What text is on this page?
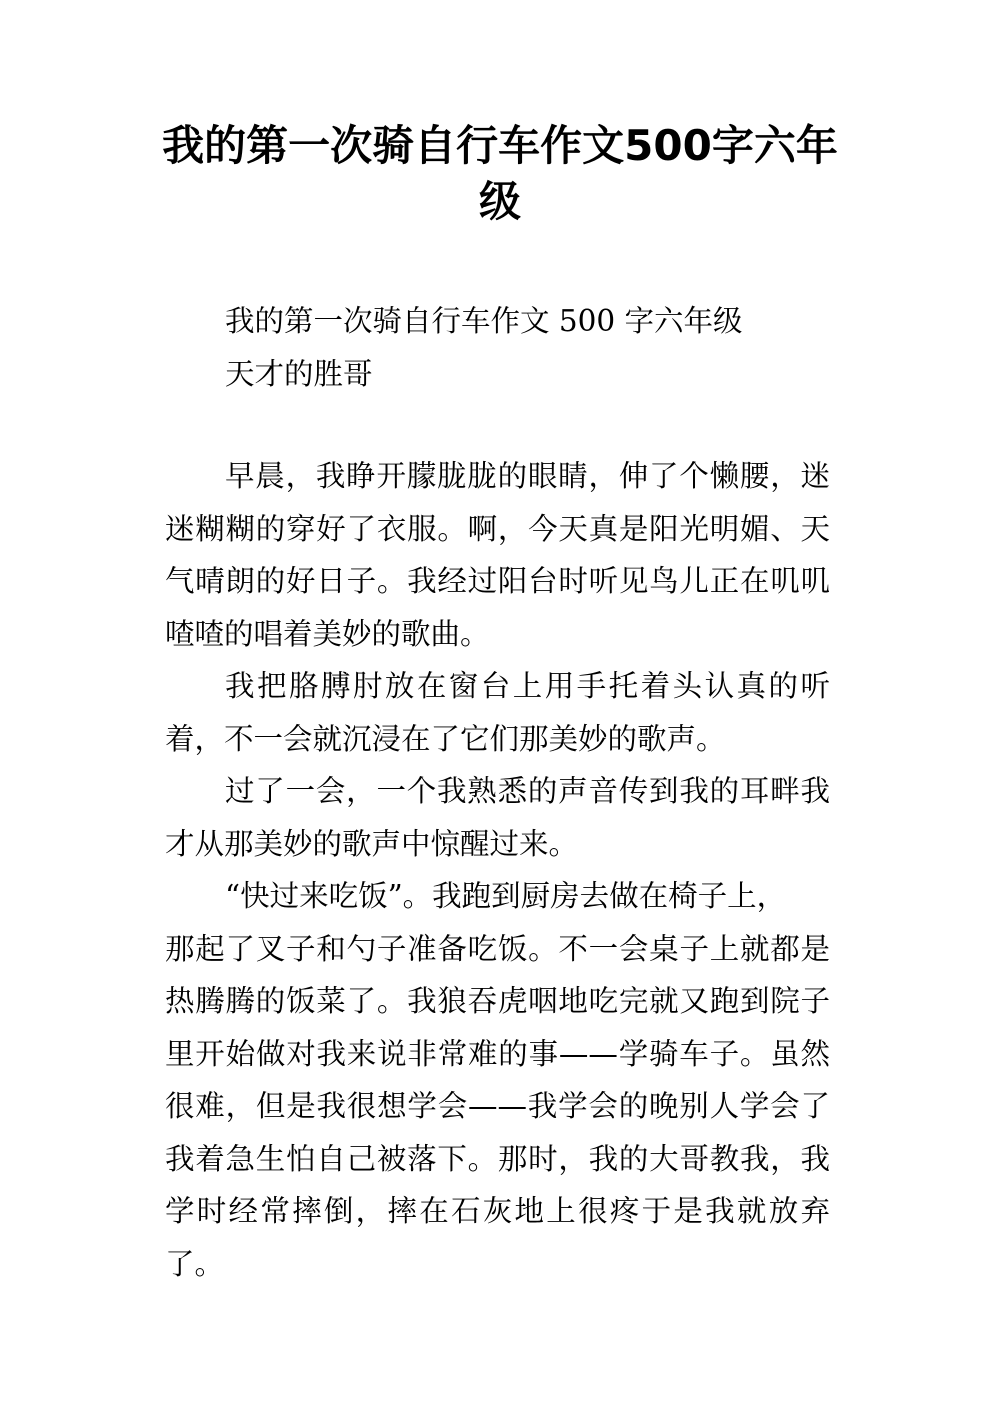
我的第一次骑自行车作文500字六年级

我的第一次骑自行车作文 500 字六年级

天才的胜哥

早晨，我睁开朦胧胧的眼睛，伸了个懒腰，迷迷糊糊的穿好了衣服。啊，今天真是阳光明媚、天气晴朗的好日子。我经过阳台时听见鸟儿正在叽叽喳喳的唱着美妙的歌曲。

我把胳膊肘放在窗台上用手托着头认真的听着，不一会就沉浸在了它们那美妙的歌声。

过了一会，一个我熟悉的声音传到我的耳畔我才从那美妙的歌声中惊醒过来。

“快过来吃饭”。我跑到厨房去做在椅子上，

那起了叉子和勺子准备吃饭。不一会桌子上就都是热腾腾的饭菜了。我狼吞虎咽地吃完就又跑到院子里开始做对我来说非常难的事——学骑车子。虽然很难，但是我很想学会——我学会的晚别人学会了我着急生怕自己被落下。那时，我的大哥教我，我学时经常摔倒，摔在石灰地上很疼于是我就放弃了。
